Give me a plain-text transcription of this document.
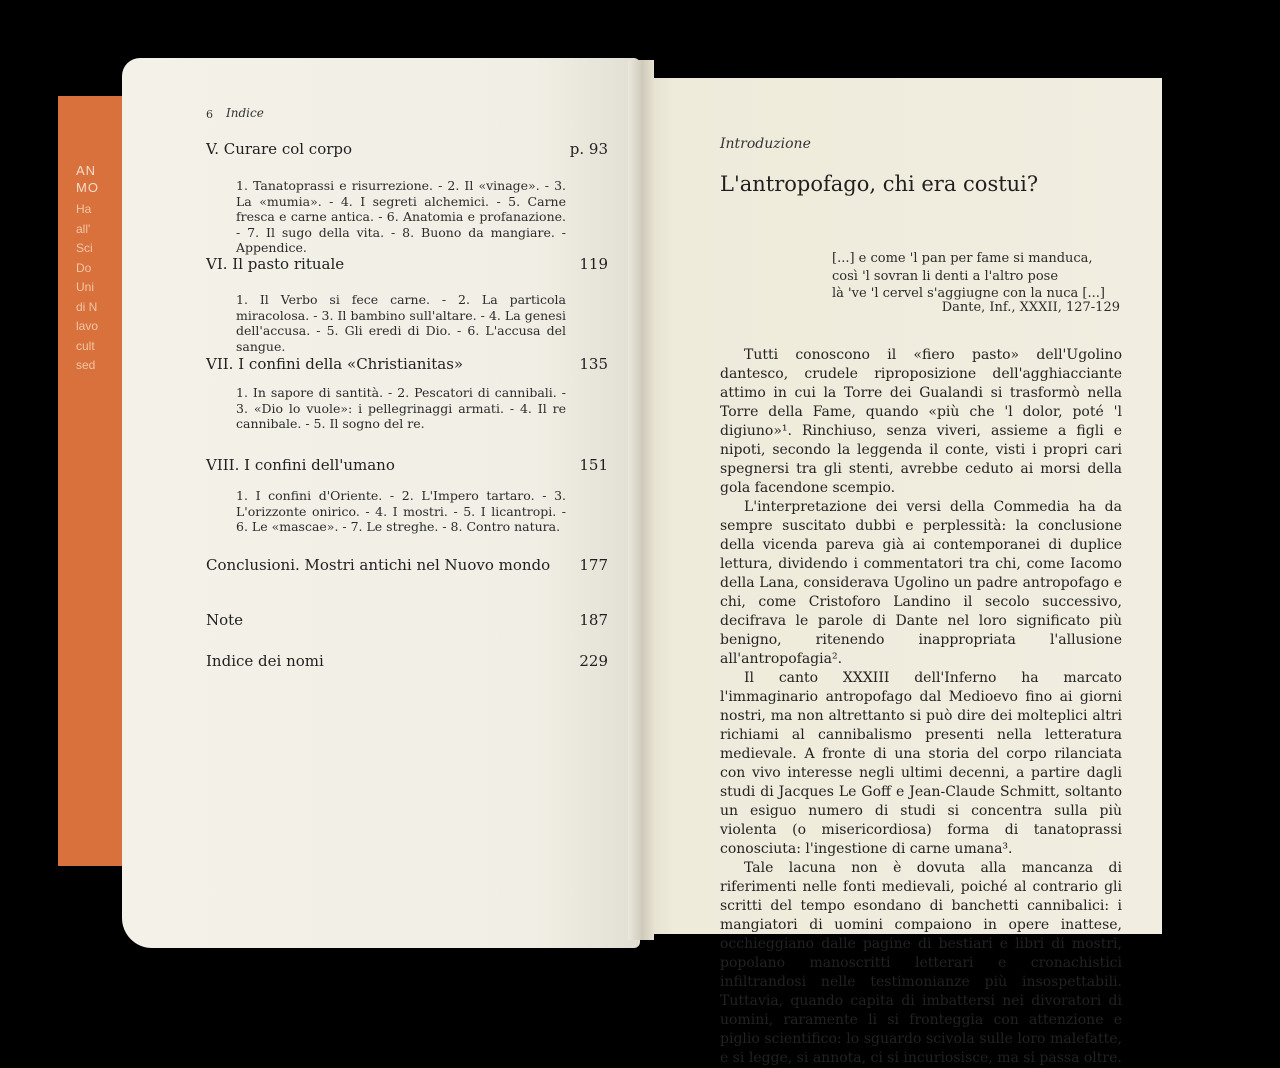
AN
MO
Ha
all'
Sci
Do
Uni
di N
lavo
cult
sed
6 Indice
V. Curare col corpo	p. 93
1. Tanatoprassi e risurrezione. - 2. Il «vinage». - 3. La «mumia». - 4. I segreti alchemici. - 5. Carne fresca e carne antica. - 6. Anatomia e profanazione. - 7. Il sugo della vita. - 8. Buono da mangiare. - Appendice.
VI. Il pasto rituale	119
1. Il Verbo si fece carne. - 2. La particola miracolosa. - 3. Il bambino sull'altare. - 4. La genesi dell'accusa. - 5. Gli eredi di Dio. - 6. L'accusa del sangue.
VII. I confini della «Christianitas»	135
1. In sapore di santità. - 2. Pescatori di cannibali. - 3. «Dio lo vuole»: i pellegrinaggi armati. - 4. Il re cannibale. - 5. Il sogno del re.
VIII. I confini dell'umano	151
1. I confini d'Oriente. - 2. L'Impero tartaro. - 3. L'orizzonte onirico. - 4. I mostri. - 5. I licantropi. - 6. Le «mascae». - 7. Le streghe. - 8. Contro natura.
Conclusioni. Mostri antichi nel Nuovo mondo	177
Note	187
Indice dei nomi	229
Introduzione
L'antropofago, chi era costui?
[...] e come 'l pan per fame si manduca,
così 'l sovran li denti a l'altro pose
là 've 'l cervel s'aggiugne con la nuca [...]
Dante, Inf., XXXII, 127-129

Tutti conoscono il «fiero pasto» dell'Ugolino dantesco, crudele riproposizione dell'agghiacciante attimo in cui la Torre dei Gualandi si trasformò nella Torre della Fame, quando «più che 'l dolor, poté 'l digiuno»¹. Rinchiuso, senza viveri, assieme a figli e nipoti, secondo la leggenda il conte, visti i propri cari spegnersi tra gli stenti, avrebbe ceduto ai morsi della gola facendone scempio.

L'interpretazione dei versi della Commedia ha da sempre suscitato dubbi e perplessità: la conclusione della vicenda pareva già ai contemporanei di duplice lettura, dividendo i commentatori tra chi, come Iacomo della Lana, considerava Ugolino un padre antropofago e chi, come Cristoforo Landino il secolo successivo, decifrava le parole di Dante nel loro significato più benigno, ritenendo inappropriata l'allusione all'antropofagia².

Il canto XXXIII dell'Inferno ha marcato l'immaginario antropofago dal Medioevo fino ai giorni nostri, ma non altrettanto si può dire dei molteplici altri richiami al cannibalismo presenti nella letteratura medievale. A fronte di una storia del corpo rilanciata con vivo interesse negli ultimi decenni, a partire dagli studi di Jacques Le Goff e Jean-Claude Schmitt, soltanto un esiguo numero di studi si concentra sulla più violenta (o misericordiosa) forma di tanatoprassi conosciuta: l'ingestione di carne umana³.

Tale lacuna non è dovuta alla mancanza di riferimenti nelle fonti medievali, poiché al contrario gli scritti del tempo esondano di banchetti cannibalici: i mangiatori di uomini compaiono in opere inattese, occhieggiano dalle pagine di bestiari e libri di mostri, popolano manoscritti letterari e cronachistici infiltrandosi nelle testimonianze più insospettabili. Tuttavia, quando capita di imbattersi nei divoratori di uomini, raramente li si fronteggia con attenzione e piglio scientifico: lo sguardo scivola sulle loro malefatte, e si legge, si annota, ci si incuriosisce, ma si passa oltre.
